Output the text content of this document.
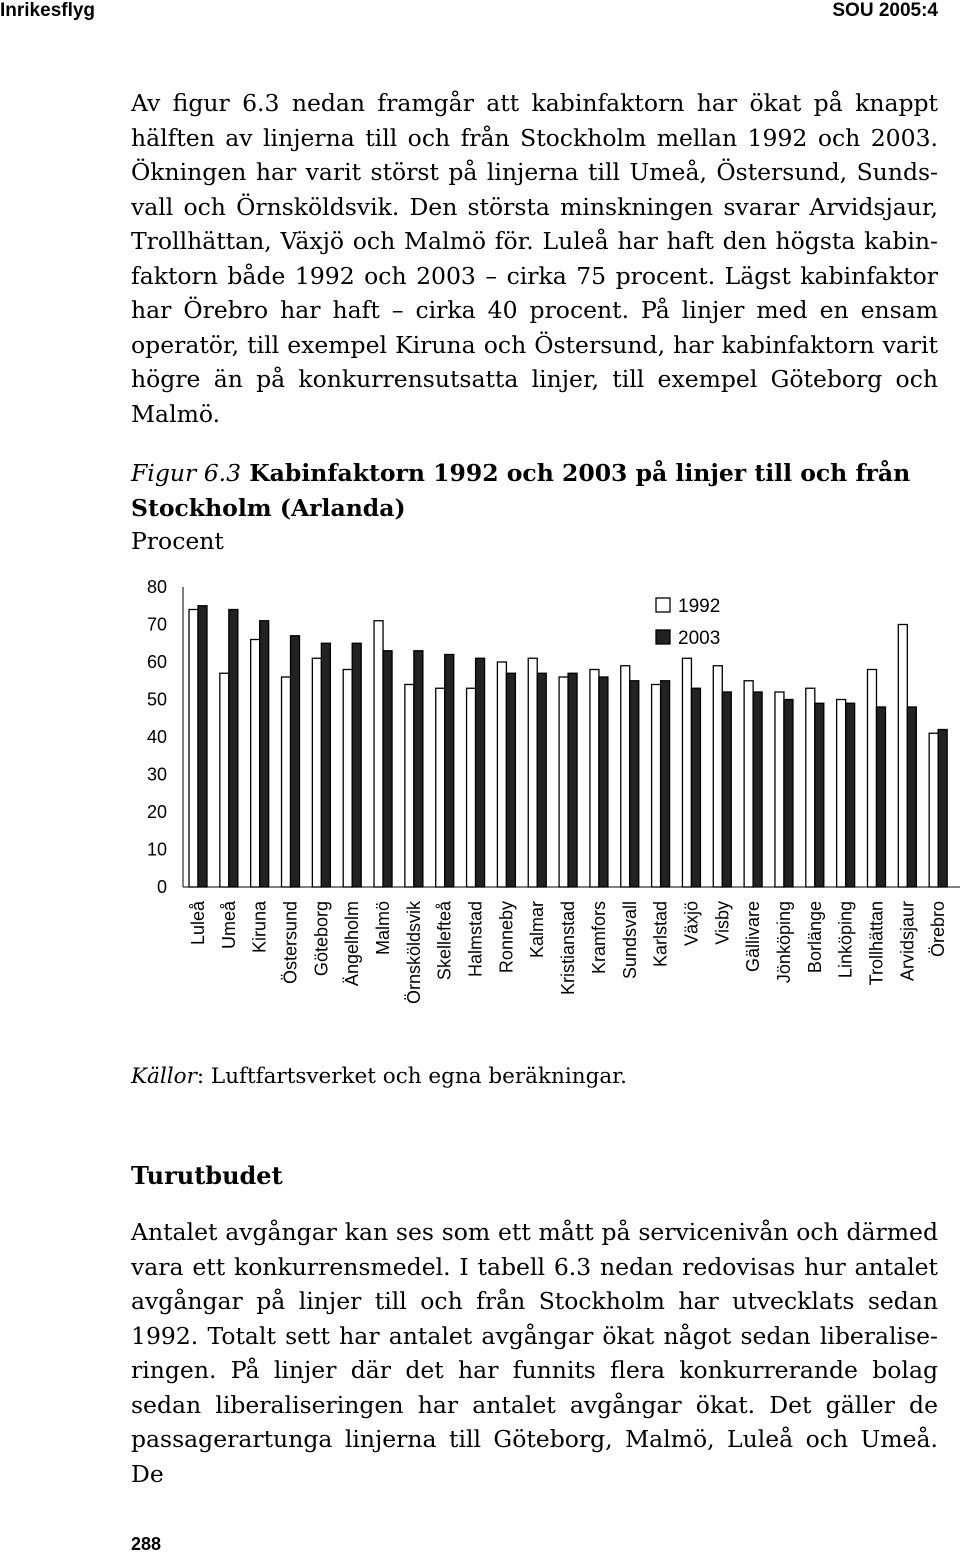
Inrikesflyg	SOU 2005:4

Av figur 6.3 nedan framgår att kabinfaktorn har ökat på knappt hälften av linjerna till och från Stockholm mellan 1992 och 2003. Ökningen har varit störst på linjerna till Umeå, Östersund, Sundsvall och Örnsköldsvik. Den största minskningen svarar Arvidsjaur, Trollhättan, Växjö och Malmö för. Luleå har haft den högsta kabinfaktorn både 1992 och 2003 – cirka 75 procent. Lägst kabinfaktor har Örebro har haft – cirka 40 procent. På linjer med en ensam operatör, till exempel Kiruna och Östersund, har kabinfaktorn varit högre än på konkurrensutsatta linjer, till exempel Göteborg och Malmö.

Figur 6.3 Kabinfaktorn 1992 och 2003 på linjer till och från Stockholm (Arlanda)
Procent
0
10
20
30
40
50
60
70
80
Luleå Umeå Kiruna Östersund Göteborg Ängelholm Malmö Örnsköldsvik Skellefteå Halmstad Ronneby Kalmar Kristianstad Kramfors Sundsvall Karlstad Växjö Visby Gällivare Jönköping Borlänge Linköping Trollhättan Arvidsjaur Örebro
1992
2003
Källor: Luftfartsverket och egna beräkningar.
Turutbudet

Antalet avgångar kan ses som ett mått på servicenivån och därmed vara ett konkurrensmedel. I tabell 6.3 nedan redovisas hur antalet avgångar på linjer till och från Stockholm har utvecklats sedan 1992. Totalt sett har antalet avgångar ökat något sedan liberaliseringen. På linjer där det har funnits flera konkurrerande bolag sedan liberaliseringen har antalet avgångar ökat. Det gäller de passagerartunga linjerna till Göteborg, Malmö, Luleå och Umeå. De

288
